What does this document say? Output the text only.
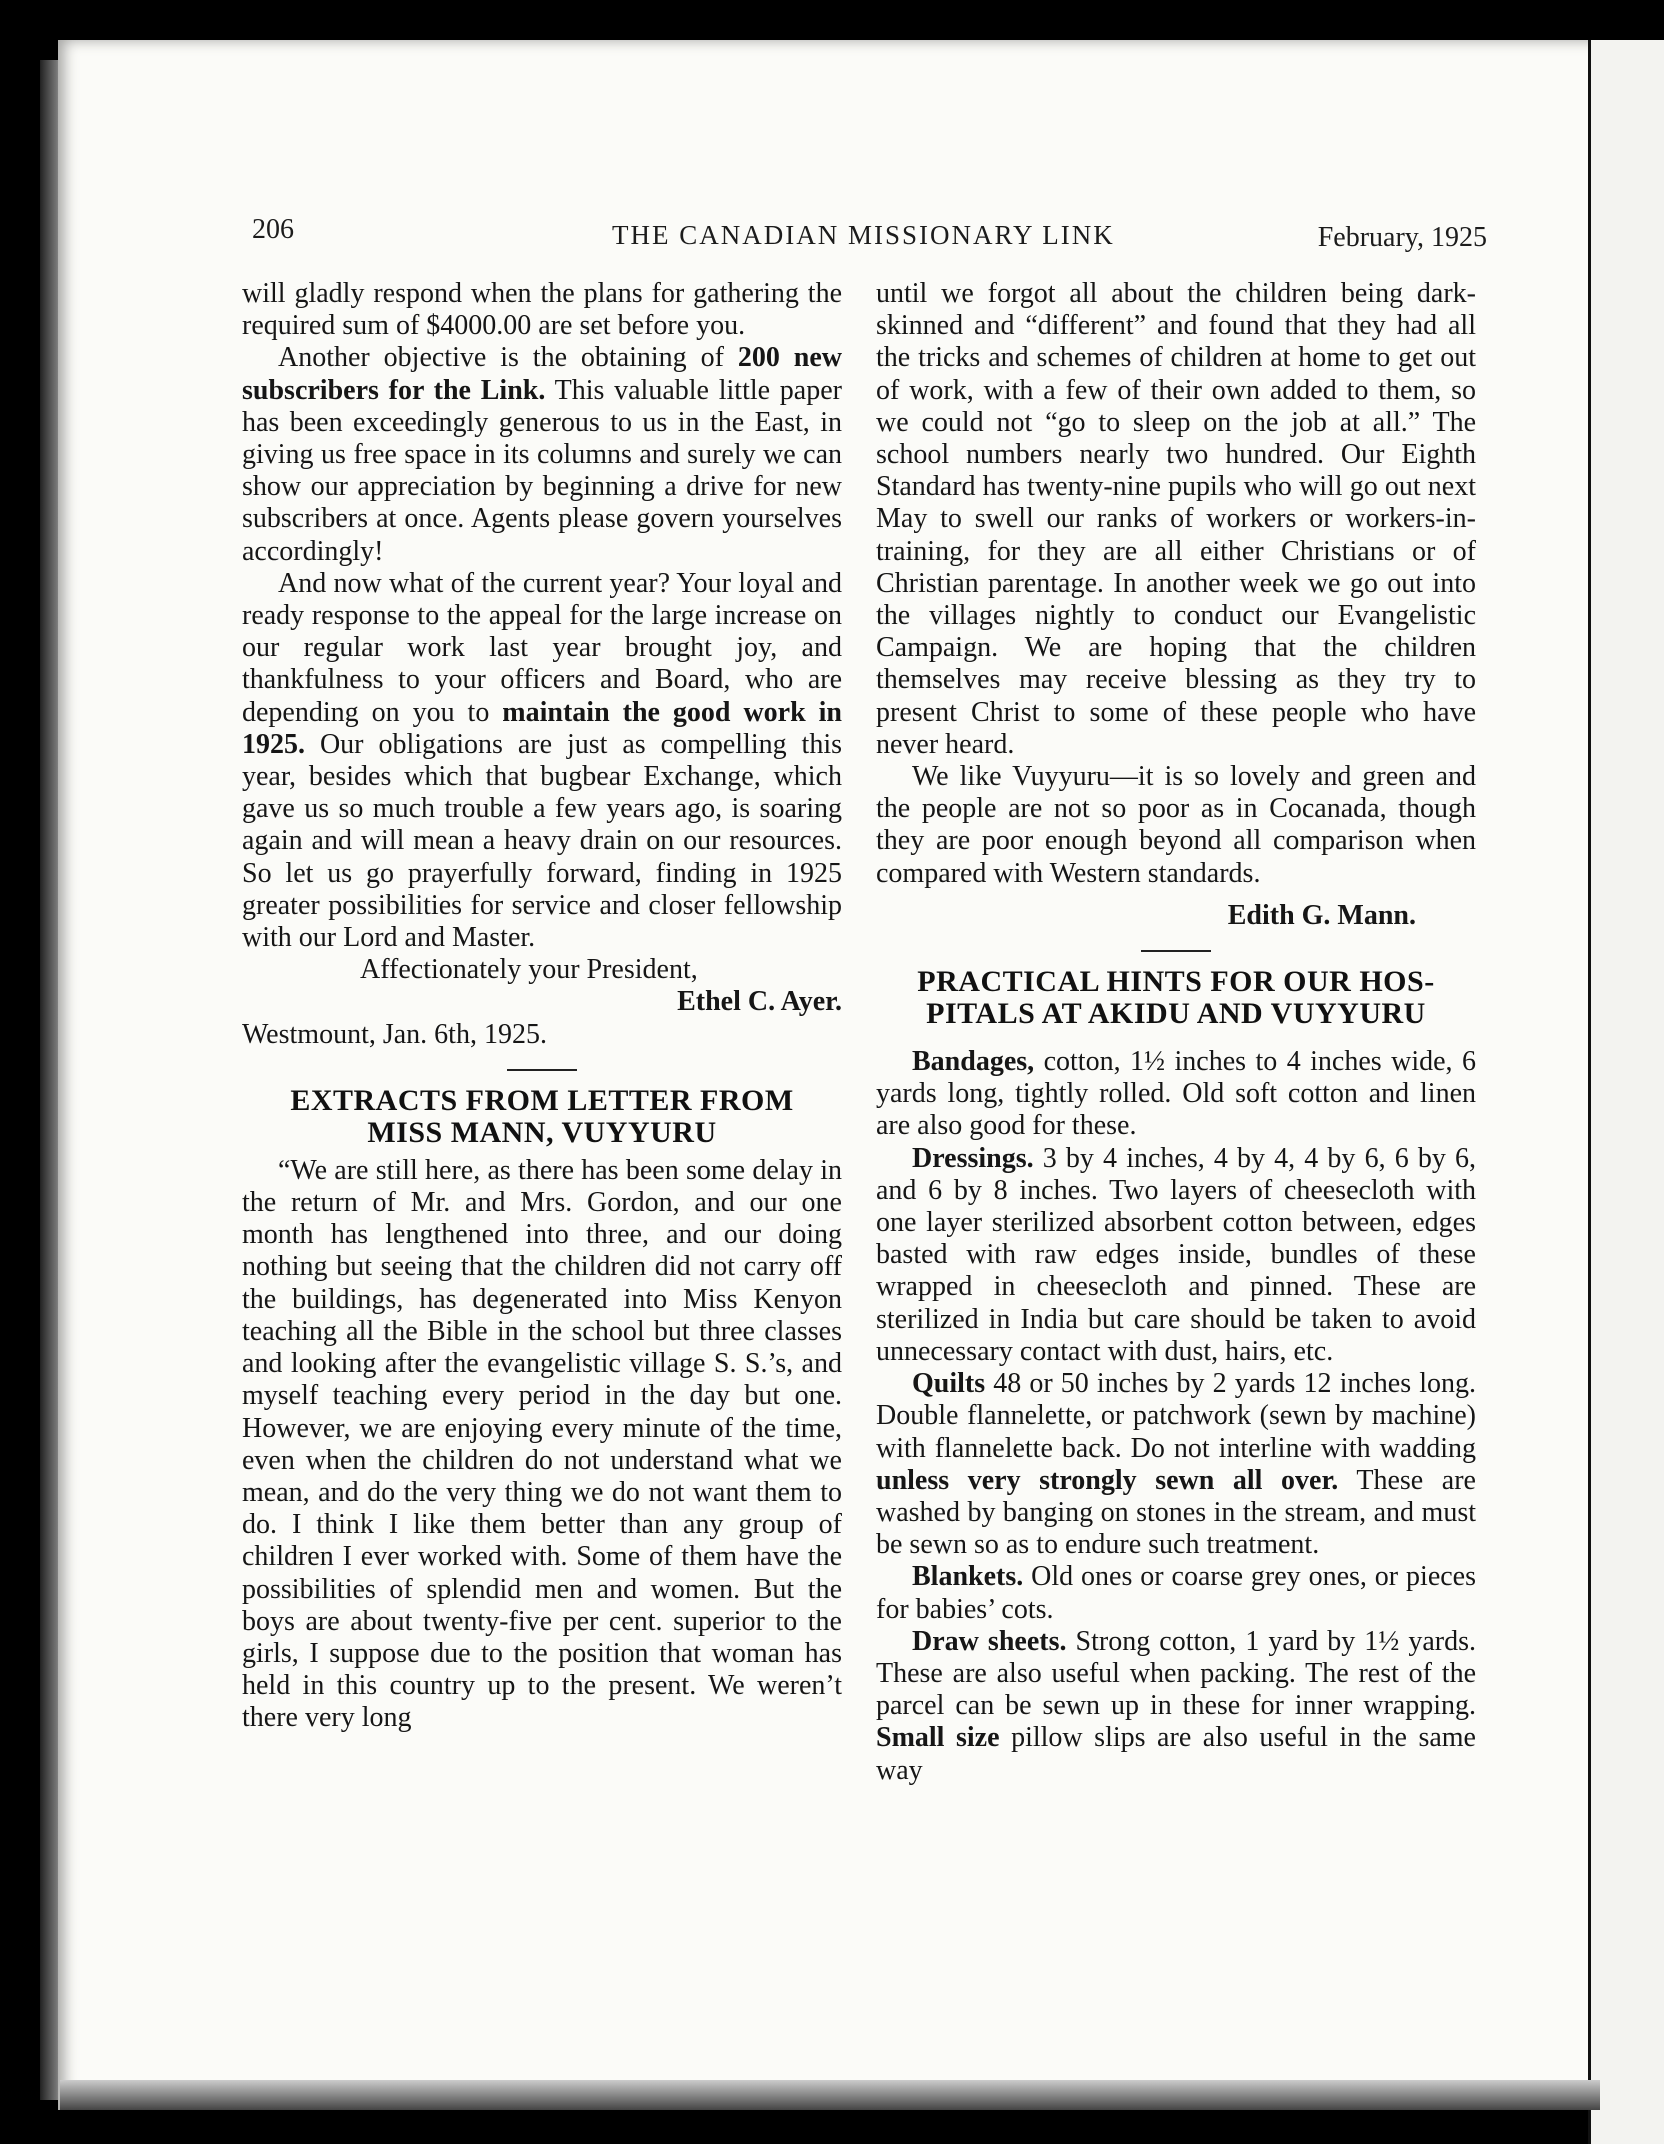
206	THE CANADIAN MISSIONARY LINK	February, 1925

will gladly respond when the plans for gathering the required sum of $4000.00 are set before you.

Another objective is the obtaining of 200 new subscribers for the Link. This valuable little paper has been exceedingly generous to us in the East, in giving us free space in its columns and surely we can show our appreciation by beginning a drive for new subscribers at once. Agents please govern yourselves accordingly!

And now what of the current year? Your loyal and ready response to the appeal for the large increase on our regular work last year brought joy, and thankfulness to your officers and Board, who are depending on you to maintain the good work in 1925. Our obligations are just as compelling this year, besides which that bugbear Exchange, which gave us so much trouble a few years ago, is soaring again and will mean a heavy drain on our resources. So let us go prayerfully forward, finding in 1925 greater possibilities for service and closer fellowship with our Lord and Master.

Affectionately your President,

Ethel C. Ayer.

Westmount, Jan. 6th, 1925.

EXTRACTS FROM LETTER FROM
MISS MANN, VUYYURU

“We are still here, as there has been some delay in the return of Mr. and Mrs. Gordon, and our one month has lengthened into three, and our doing nothing but seeing that the children did not carry off the buildings, has degenerated into Miss Kenyon teaching all the Bible in the school but three classes and looking after the evangelistic village S. S.’s, and myself teaching every period in the day but one. However, we are enjoying every minute of the time, even when the children do not understand what we mean, and do the very thing we do not want them to do. I think I like them better than any group of children I ever worked with. Some of them have the possibilities of splendid men and women. But the boys are about twenty-five per cent. superior to the girls, I suppose due to the position that woman has held in this country up to the present. We weren’t there very long

until we forgot all about the children being dark-skinned and “different” and found that they had all the tricks and schemes of children at home to get out of work, with a few of their own added to them, so we could not “go to sleep on the job at all.” The school numbers nearly two hundred. Our Eighth Standard has twenty-nine pupils who will go out next May to swell our ranks of workers or workers-in-training, for they are all either Christians or of Christian parentage. In another week we go out into the villages nightly to conduct our Evangelistic Campaign. We are hoping that the children themselves may receive blessing as they try to present Christ to some of these people who have never heard.

We like Vuyyuru—it is so lovely and green and the people are not so poor as in Cocanada, though they are poor enough beyond all comparison when compared with Western standards.

Edith G. Mann.

PRACTICAL HINTS FOR OUR HOS-
PITALS AT AKIDU AND VUYYURU

Bandages, cotton, 1½ inches to 4 inches wide, 6 yards long, tightly rolled. Old soft cotton and linen are also good for these.

Dressings. 3 by 4 inches, 4 by 4, 4 by 6, 6 by 6, and 6 by 8 inches. Two layers of cheesecloth with one layer sterilized absorbent cotton between, edges basted with raw edges inside, bundles of these wrapped in cheesecloth and pinned. These are sterilized in India but care should be taken to avoid unnecessary contact with dust, hairs, etc.

Quilts 48 or 50 inches by 2 yards 12 inches long. Double flannelette, or patchwork (sewn by machine) with flannelette back. Do not interline with wadding unless very strongly sewn all over. These are washed by banging on stones in the stream, and must be sewn so as to endure such treatment.

Blankets. Old ones or coarse grey ones, or pieces for babies’ cots.

Draw sheets. Strong cotton, 1 yard by 1½ yards. These are also useful when packing. The rest of the parcel can be sewn up in these for inner wrapping. Small size pillow slips are also useful in the same way
